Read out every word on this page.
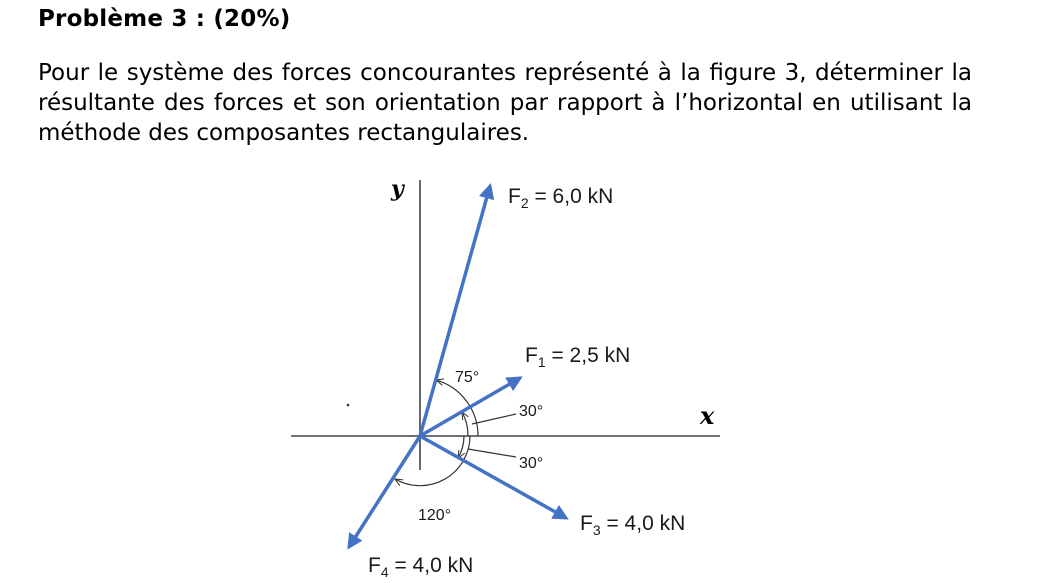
Problème 3 : (20%)
Pour le système des forces concourantes représenté à la figure 3, déterminer la résultante des forces et son orientation par rapport à l’horizontal en utilisant la méthode des composantes rectangulaires.
x
y
75°
30°
30°
120°
$F_2 = 6,0$ kN
$F_1 = 2,5$ kN
$F_3 = 4,0$ kN
$F_4 = 4,0$ kN
